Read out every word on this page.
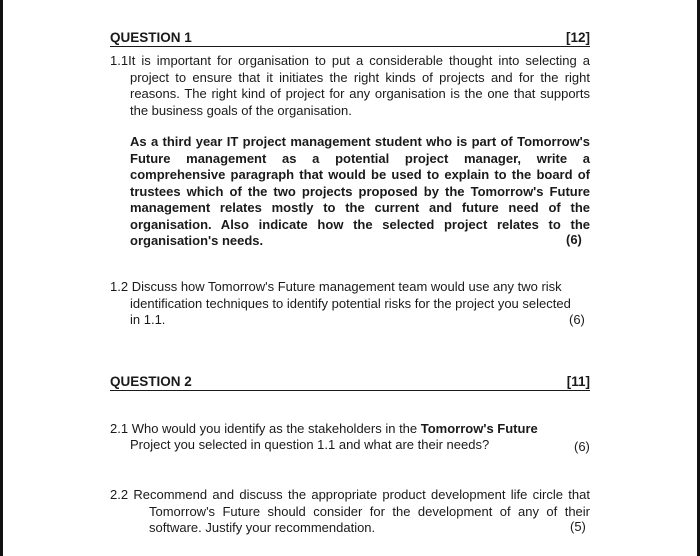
QUESTION 1	[12]
1.1It is important for organisation to put a considerable thought into selecting a project to ensure that it initiates the right kinds of projects and for the right reasons. The right kind of project for any organisation is the one that supports the business goals of the organisation.
As a third year IT project management student who is part of Tomorrow's Future management as a potential project manager, write a comprehensive paragraph that would be used to explain to the board of trustees which of the two projects proposed by the Tomorrow's Future management relates mostly to the current and future need of the organisation. Also indicate how the selected project relates to the organisation's needs.	(6)
1.2 Discuss how Tomorrow's Future management team would use any two risk identification techniques to identify potential risks for the project you selected in 1.1.	(6)
QUESTION 2	[11]
2.1 Who would you identify as the stakeholders in the Tomorrow's Future
Project you selected in question 1.1 and what are their needs?	(6)
2.2 Recommend and discuss the appropriate product development life circle that Tomorrow's Future should consider for the development of any of their software. Justify your recommendation.	(5)
